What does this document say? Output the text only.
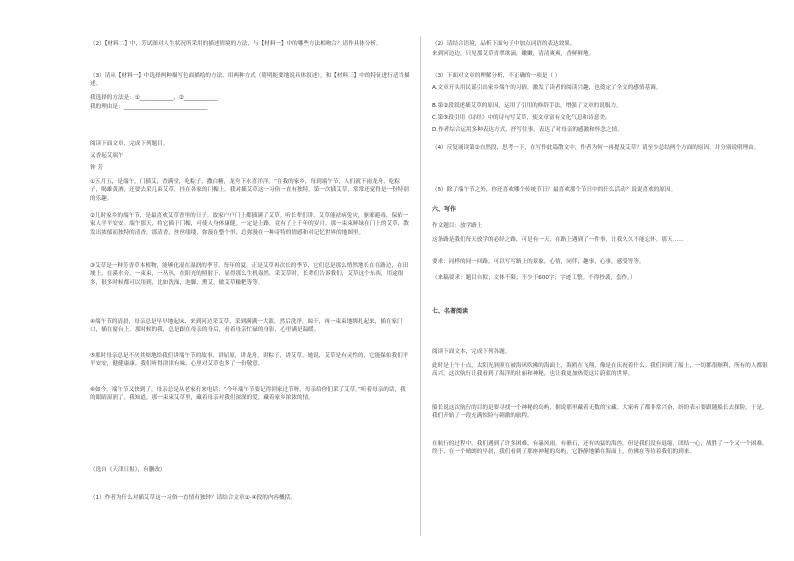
（2）【材料二】中，芳试图对人生状况所采用的描述情境的方法，与【材料一】中的哪些方法相吻合？请作具体分析。
（3）请从【材料一】中选择两种描写色面描绘的方法，用两种方式（简明扼要地说具体叙述），和【材料三】中的特征进行适当描述。
我选择的方法是：①____________，②____________
我的理由是：______________________________
阅读下面文章，完成下列题目。
又香起艾端午
钟 芳
①五月五，是端午，门插艾，香满堂，吃粽子，撒白糖，龙舟下水喜洋洋。“在我的家乡，每到端午节，人们就下雨龙舟，吃粽子，喝雄黄酒，还要去采几束艾草，挂在各家的门楣上。我对插艾草这一习俗一直有独特，第一次插艾草，常常还觉得是一份特别的乐趣。
②儿时家乡的端午节，是最喜欢艾草香里的日子。故家户户门上都插满了艾草。听长辈们讲，艾草能祛病免灾，驱邪避毒，保佑一家人平平安安。端午那天，将它插于门楣，可使人身体康健。一定是上路，竟有了上千年的岁月。那一束束鲜绿在门上的艾草，散发出浓郁而独特的清香，那清香，丝丝缕缕，弥漫在整个里，总弥漫在一种奇特的情感和对记忆世界的地图里。
③艾草是一种芳香草本植物，能够化湿在湿润的季节，每年的夏，正是艾草再次长的季节，它们总是那么悄然地长在在路边，在田埂上，在溪水旁，一束束，一丛丛，在阳光的照射下，显得那么生机盎然。采艾草时，长辈们告诉我们，艾草这个东西，用途很多，很多时候都可以用到，比如洗澡，泡脚，熏艾，做艾草糍粑等等。
④端午节的清晨，母亲总是早早地起床，来到河边采艾草，采到满满一大篮，然后洗净，晾干，再一束束地绑扎起来，插在家门口，插在窗台上。那时候的我，总是跟在母亲的身后，看着母亲忙碌的身影，心里满是温暖。
⑤那时母亲总是不厌其烦地给我们讲端午节的故事，讲屈原，讲龙舟，讲粽子，讲艾草。她说，艾草是有灵性的，它能保佑我们平平安安，健健康康。我们听得津津有味，心里对艾草也多了一份敬意。
⑥如今，端午节又快到了，母亲总是从老家打来电话：“今年端午节要记得回家过节呀，母亲给你们采了艾草。”听着母亲的话，我的眼睛湿润了。我知道，那一束束艾草里，藏着母亲对我们深深的爱，藏着家乡浓浓的情。
（选自《天津日报》，有删改）
（1）作者为什么对插艾草这一习俗一直情有独钟？请结合文章①-④段的内容概括。
（2）请结合语境，品析下面句子中加点词语的表达效果。
来到河边边，只见那艾草青翠欲滴，嫩嫩，清清爽爽，香鲜鲜地。
（3）下面对文章的理解分析，不正确的一项是（ ）
A.文章开头用民谣引出家乡端午的习俗，激发了读者的阅读兴趣，也奠定了全文的感情基调。
B.第②段叙述插艾草的原因，运用了引用的修辞手法，增强了文章的说服力。
C.第⑤段引用《诗经》中的诗句写艾草，使文章富有文化气息和诗意美。
D.作者综合运用多种表达方式，抒写往事，表达了对母亲的感激和怀念之情。
（4）反复诵读第②自然段，思考一下，在写作此篇散文中，作者为何一再提及艾草？请至少总结两个方面的原因，并分别说明理由。
（5）除了端午节之外，你还喜欢哪个传统节日？最喜欢那个节日中的什么活动？说说喜欢的原因。
六、写作
作文题目：放学路上
这条路是我们每天放学的必经之路，可是有一天，在路上遇到了一件事，让我久久不能忘怀。那天……
要求：同样的同一回路，可以写写路上的景象，心情，同伴，趣事，心事，感受等等。
（来稿要求：题目自拟；文体不限；不少于600字；字迹工整。不得抄袭，套作。）
七、名著阅读
阅读下面文本，完成下列各题。
此时是上午十点，太阳光斜照在被海风吹拂的海面上，海鸥在飞翔，像是在庆祝着什么。我们回到了船上，一切都很顺利，所有的人都很高兴。这次航行让我看到了海洋的壮丽和神秘，也让我更加热爱这片蔚蓝的世界。
船长说这次航行的目的是要寻找一个神秘的岛屿，据说那里藏着无数的宝藏。大家听了都非常兴奋，纷纷表示要跟随船长去探险。于是，我们开始了一段充满惊险与刺激的旅程。
在航行的过程中，我们遇到了许多困难，有暴风雨，有礁石，还有凶猛的海兽。但是我们没有退缩，团结一心，战胜了一个又一个困难。终于，在一个晴朗的早晨，我们看到了那座神秘的岛屿，它静静地躺在海面上，仿佛在等待着我们的到来。
